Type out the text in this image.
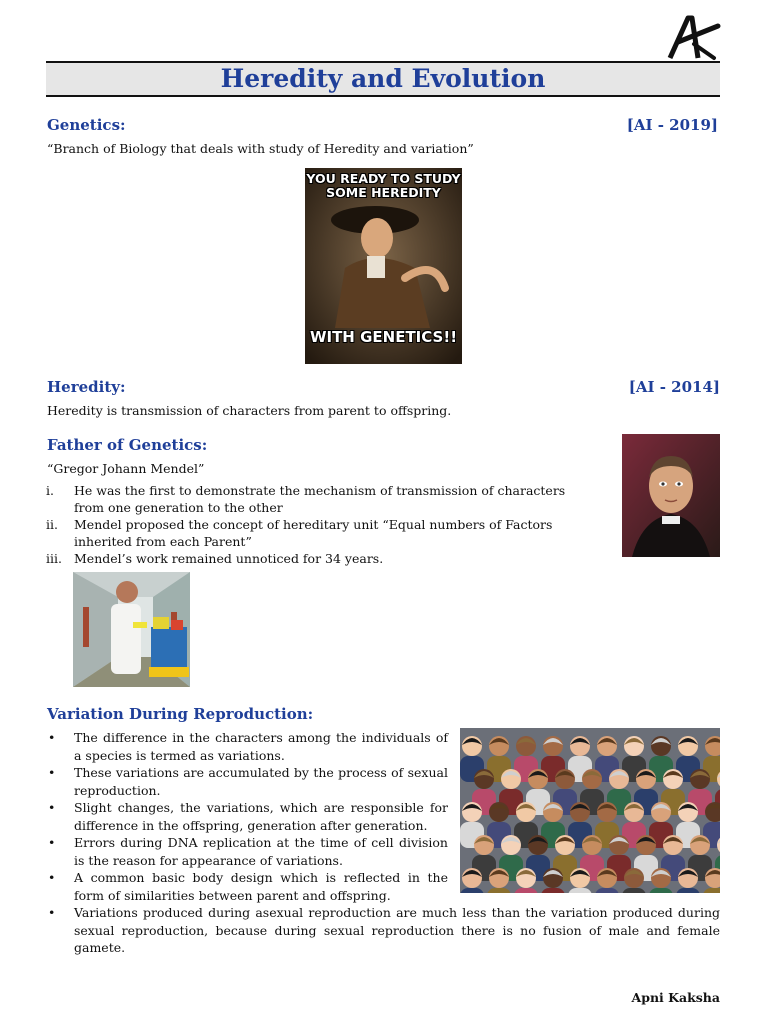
Heredity and Evolution
Genetics:	[AI - 2019]
“Branch of Biology that deals with study of Heredity and variation”
YOU READY TO STUDY SOME HEREDITY
WITH GENETICS!!
Heredity:	[AI - 2014]
Heredity is transmission of characters from parent to offspring.
Father of Genetics:
“Gregor Johann Mendel”
i. He was the first to demonstrate the mechanism of transmission of characters from one generation to the other
ii. Mendel proposed the concept of hereditary unit “Equal numbers of Factors inherited from each Parent”
iii. Mendel’s work remained unnoticed for 34 years.
Variation During Reproduction:
• The difference in the characters among the individuals of a species is termed as variations.
• These variations are accumulated by the process of sexual reproduction.
• Slight changes, the variations, which are responsible for difference in the offspring, generation after generation.
• Errors during DNA replication at the time of cell division is the reason for appearance of variations.
• A common basic body design which is reflected in the form of similarities between parent and offspring.
• Variations produced during asexual reproduction are much less than the variation produced during sexual reproduction, because during sexual reproduction there is no fusion of male and female gamete.
Apni Kaksha
